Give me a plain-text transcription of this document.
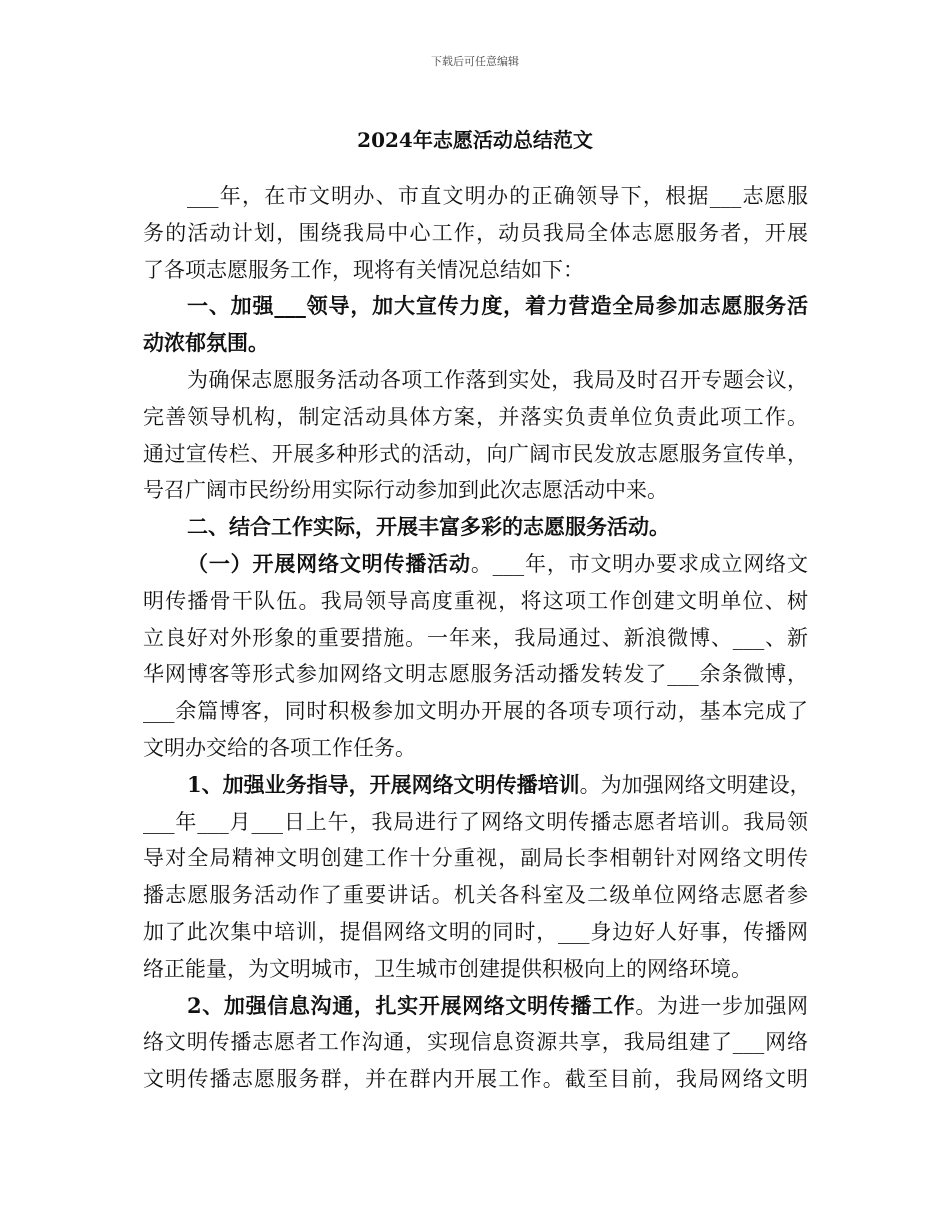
下载后可任意编辑
2024年志愿活动总结范文
___年，在市文明办、市直文明办的正确领导下，根据___志愿服
务的活动计划，围绕我局中心工作，动员我局全体志愿服务者，开展
了各项志愿服务工作，现将有关情况总结如下：
一、加强___领导，加大宣传力度，着力营造全局参加志愿服务活
动浓郁氛围。
为确保志愿服务活动各项工作落到实处，我局及时召开专题会议，
完善领导机构，制定活动具体方案，并落实负责单位负责此项工作。
通过宣传栏、开展多种形式的活动，向广阔市民发放志愿服务宣传单，
号召广阔市民纷纷用实际行动参加到此次志愿活动中来。
二、结合工作实际，开展丰富多彩的志愿服务活动。
（一）开展网络文明传播活动。___年，市文明办要求成立网络文
明传播骨干队伍。我局领导高度重视，将这项工作创建文明单位、树
立良好对外形象的重要措施。一年来，我局通过、新浪微博、___、新
华网博客等形式参加网络文明志愿服务活动播发转发了___余条微博，
___余篇博客，同时积极参加文明办开展的各项专项行动，基本完成了
文明办交给的各项工作任务。
1、加强业务指导，开展网络文明传播培训。为加强网络文明建设，
___年___月___日上午，我局进行了网络文明传播志愿者培训。我局领
导对全局精神文明创建工作十分重视，副局长李相朝针对网络文明传
播志愿服务活动作了重要讲话。机关各科室及二级单位网络志愿者参
加了此次集中培训，提倡网络文明的同时，___身边好人好事，传播网
络正能量，为文明城市，卫生城市创建提供积极向上的网络环境。
2、加强信息沟通，扎实开展网络文明传播工作。为进一步加强网
络文明传播志愿者工作沟通，实现信息资源共享，我局组建了___网络
文明传播志愿服务群，并在群内开展工作。截至目前，我局网络文明
